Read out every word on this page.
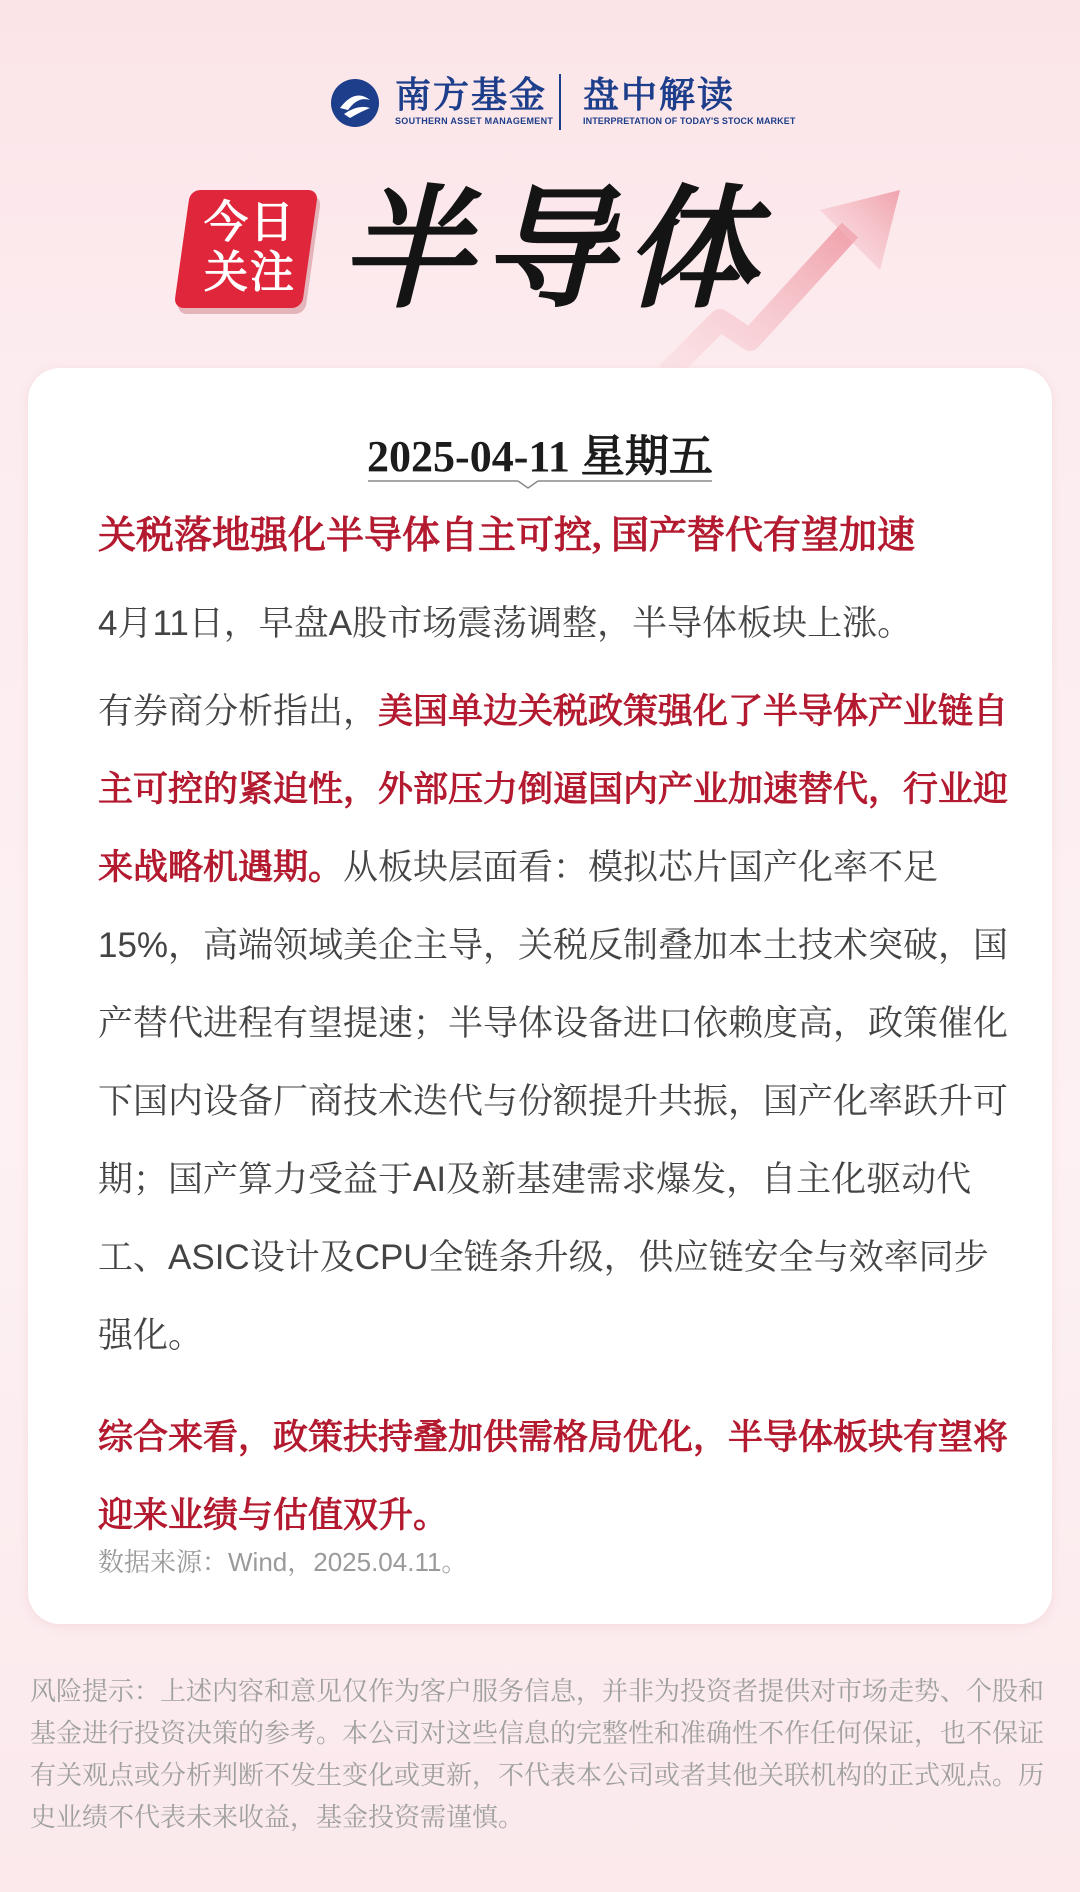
南方基金
SOUTHERN ASSET MANAGEMENT
盘中解读
INTERPRETATION OF TODAY'S STOCK MARKET
今日
关注 半导体
2025-04-11 星期五
关税落地强化半导体自主可控, 国产替代有望加速
4月11日，早盘A股市场震荡调整，半导体板块上涨。
有券商分析指出，美国单边关税政策强化了半导体产业链自主可控的紧迫性，外部压力倒逼国内产业加速替代，行业迎来战略机遇期。从板块层面看：模拟芯片国产化率不足15%，高端领域美企主导，关税反制叠加本土技术突破，国产替代进程有望提速；半导体设备进口依赖度高，政策催化下国内设备厂商技术迭代与份额提升共振，国产化率跃升可期；国产算力受益于AI及新基建需求爆发，自主化驱动代工、ASIC设计及CPU全链条升级，供应链安全与效率同步强化。
综合来看，政策扶持叠加供需格局优化，半导体板块有望将迎来业绩与估值双升。
数据来源：Wind，2025.04.11。
风险提示：上述内容和意见仅作为客户服务信息，并非为投资者提供对市场走势、个股和基金进行投资决策的参考。本公司对这些信息的完整性和准确性不作任何保证，也不保证有关观点或分析判断不发生变化或更新，不代表本公司或者其他关联机构的正式观点。历史业绩不代表未来收益，基金投资需谨慎。
